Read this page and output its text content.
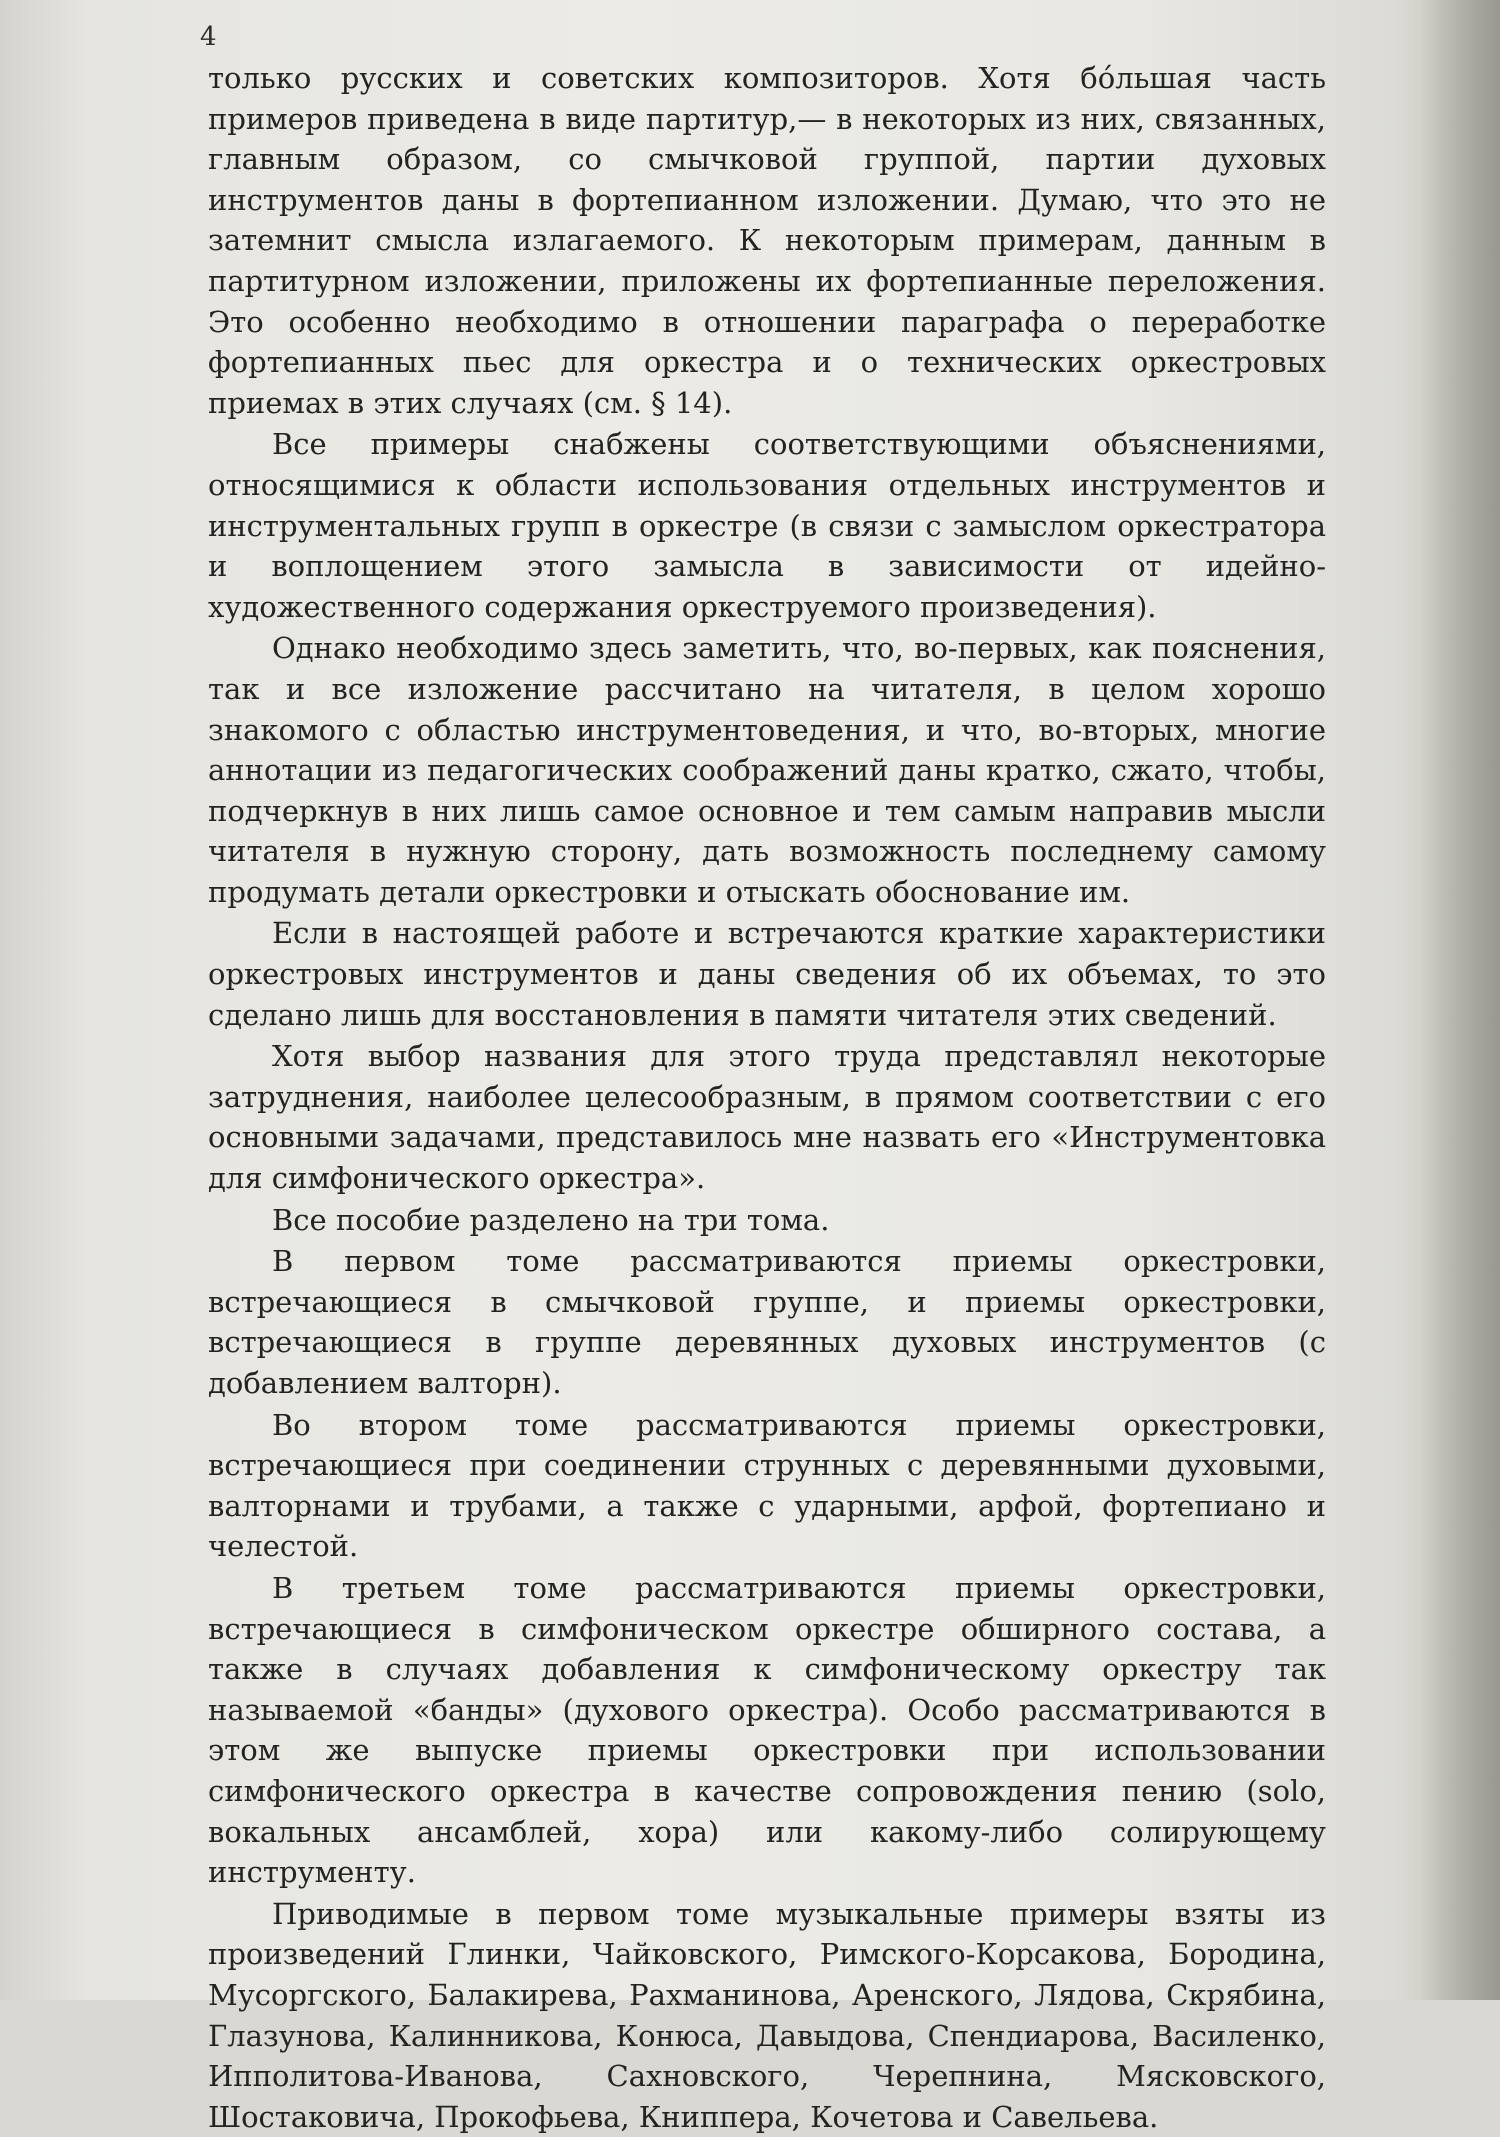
4

только русских и советских композиторов. Хотя бóльшая часть примеров приведена в виде партитур,— в некоторых из них, связанных, главным образом, со смычковой группой, партии духовых инструментов даны в фортепианном изложении. Думаю, что это не затемнит смысла излагаемого. К некоторым примерам, данным в партитурном изложении, приложены их фортепианные переложения. Это особенно необходимо в отношении параграфа о переработке фортепианных пьес для оркестра и о технических оркестровых приемах в этих случаях (см. § 14).

Все примеры снабжены соответствующими объяснениями, относящимися к области использования отдельных инструментов и инструментальных групп в оркестре (в связи с замыслом оркестратора и воплощением этого замысла в зависимости от идейно-художественного содержания оркеструемого произведения).

Однако необходимо здесь заметить, что, во-первых, как пояснения, так и все изложение рассчитано на читателя, в целом хорошо знакомого с областью инструментоведения, и что, во-вторых, многие аннотации из педагогических соображений даны кратко, сжато, чтобы, подчеркнув в них лишь самое основное и тем самым направив мысли читателя в нужную сторону, дать возможность последнему самому продумать детали оркестровки и отыскать обоснование им.

Если в настоящей работе и встречаются краткие характеристики оркестровых инструментов и даны сведения об их объемах, то это сделано лишь для восстановления в памяти читателя этих сведений.

Хотя выбор названия для этого труда представлял некоторые затруднения, наиболее целесообразным, в прямом соответствии с его основными задачами, представилось мне назвать его «Инструментовка для симфонического оркестра».

Все пособие разделено на три тома.

В первом томе рассматриваются приемы оркестровки, встречающиеся в смычковой группе, и приемы оркестровки, встречающиеся в группе деревянных духовых инструментов (с добавлением валторн).

Во втором томе рассматриваются приемы оркестровки, встречающиеся при соединении струнных с деревянными духовыми, валторнами и трубами, а также с ударными, арфой, фортепиано и челестой.

В третьем томе рассматриваются приемы оркестровки, встречающиеся в симфоническом оркестре обширного состава, а также в случаях добавления к симфоническому оркестру так называемой «банды» (духового оркестра). Особо рассматриваются в этом же выпуске приемы оркестровки при использовании симфонического оркестра в качестве сопровождения пению (solo, вокальных ансамблей, хора) или какому-либо солирующему инструменту.

Приводимые в первом томе музыкальные примеры взяты из произведений Глинки, Чайковского, Римского-Корсакова, Бородина, Мусоргского, Балакирева, Рахманинова, Аренского, Лядова, Скрябина, Глазунова, Калинникова, Конюса, Давыдова, Спендиарова, Василенко, Ипполитова-Иванова, Сахновского, Черепнина, Мясковского, Шостаковича, Прокофьева, Книппера, Кочетова и Савельева.
